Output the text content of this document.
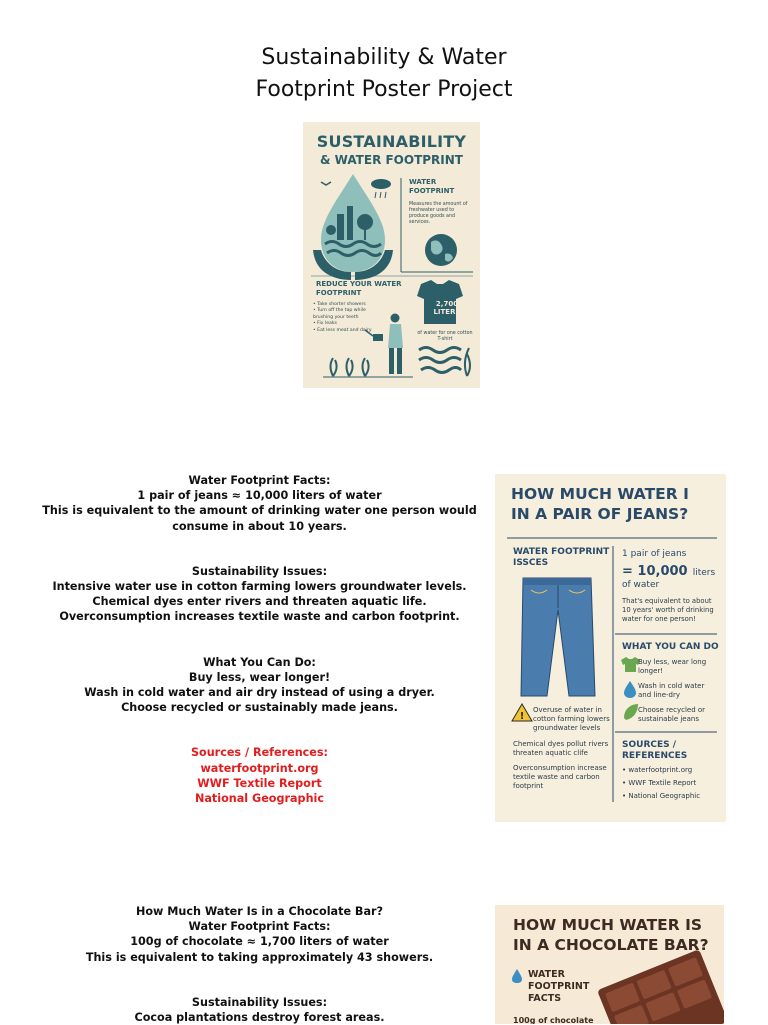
Sustainability & Water
Footprint Poster Project
SUSTAINABILITY
& WATER FOOTPRINT
WATER
FOOTPRINT
Measures the amount of freshwater used to produce goods and services.
REDUCE YOUR WATER
FOOTPRINT
• Take shorter showers
• Turn off the tap while brushing your teeth
• Fix leaks
• Eat less meat and dairy
2,700
LITERS
of water for one cotton T-shirt

Water Footprint Facts:

1 pair of jeans ≈ 10,000 liters of water

This is equivalent to the amount of drinking water one person would consume in about 10 years.

Sustainability Issues:

Intensive water use in cotton farming lowers groundwater levels.

Chemical dyes enter rivers and threaten aquatic life.

Overconsumption increases textile waste and carbon footprint.

What You Can Do:

Buy less, wear longer!

Wash in cold water and air dry instead of using a dryer.

Choose recycled or sustainably made jeans.

Sources / References:

waterfootprint.org

WWF Textile Report

National Geographic

!
HOW MUCH WATER I
IN A PAIR OF JEANS?
WATER FOOTPRINT
ISSCES
1 pair of jeans
= 10,000 liters
of water
That's equivalent to about 10 years' worth of drinking water for one person!
WHAT YOU CAN DO
Buy less, wear long longer!
Wash in cold water and line-dry
Choose recycled or sustainable jeans
Overuse of water in cotton farming lowers groundwater levels
Chemical dyes pollut rivers threaten aquatic clife
Overconsumption increase textile waste and carbon footprint
SOURCES /
REFERENCES
• waterfootprint.org
• WWF Textile Report
• National Geographic

How Much Water Is in a Chocolate Bar?

Water Footprint Facts:

100g of chocolate ≈ 1,700 liters of water

This is equivalent to taking approximately 43 showers.

Sustainability Issues:

Cocoa plantations destroy forest areas.

HOW MUCH WATER IS
IN A CHOCOLATE BAR?
WATER
FOOTPRINT
FACTS
100g of chocolate
